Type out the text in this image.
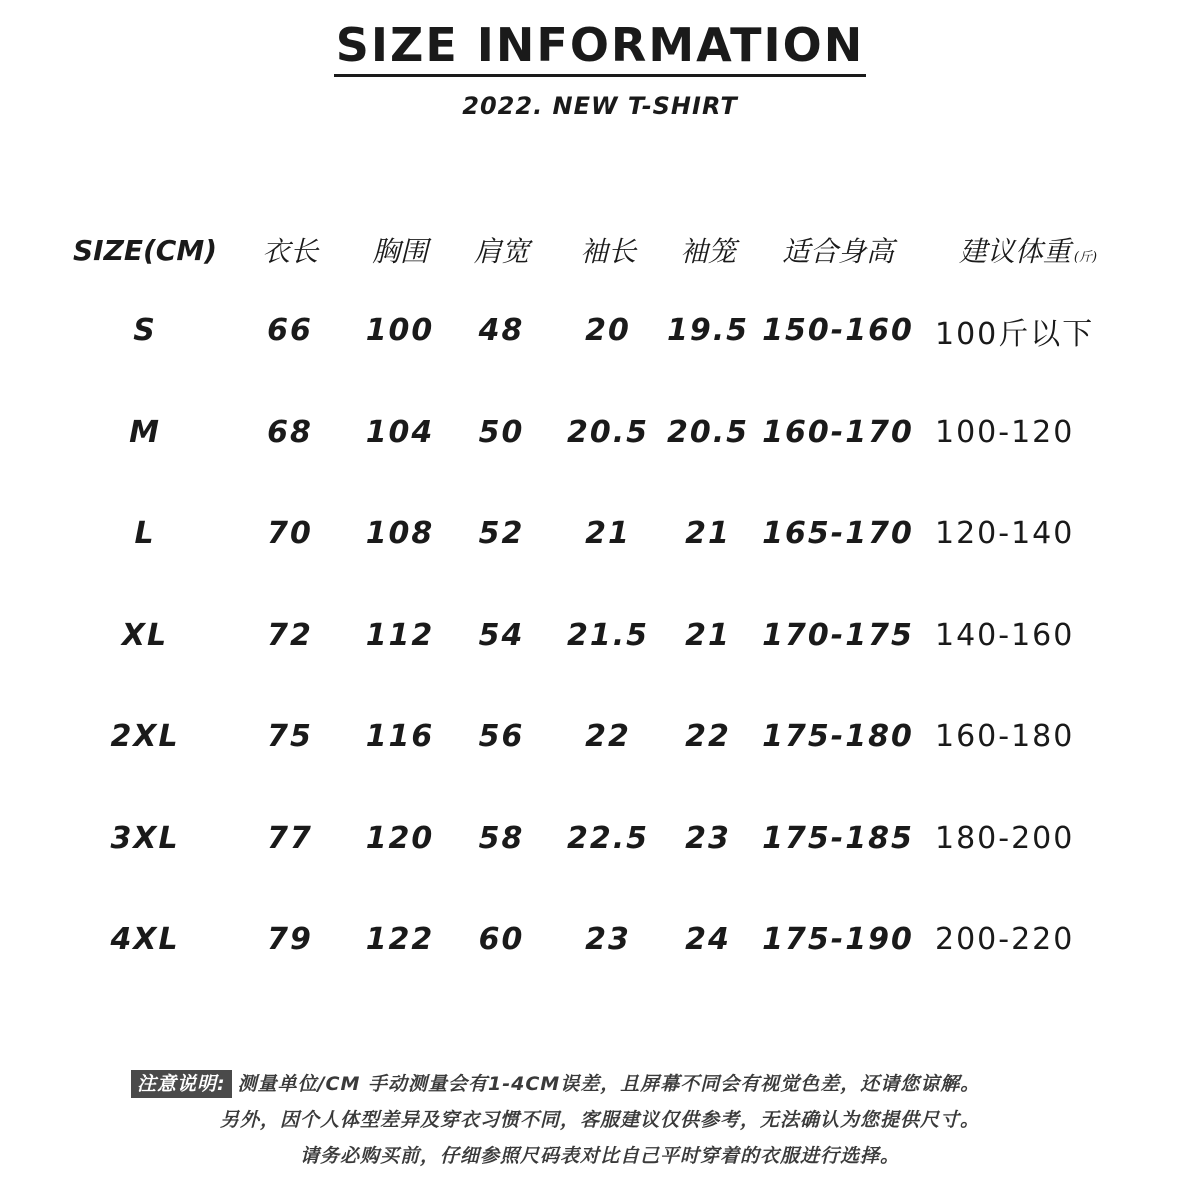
SIZE INFORMATION
2022. NEW T-SHIRT
SIZE(CM)	衣长	胸围	肩宽	袖长	袖笼	适合身高	建议体重 (斤)
S	66	100	48	20	19.5	150-160	100斤以下
M	68	104	50	20.5	20.5	160-170	100-120
L	70	108	52	21	21	165-170	120-140
XL	72	112	54	21.5	21	170-175	140-160
2XL	75	116	56	22	22	175-180	160-180
3XL	77	120	58	22.5	23	175-185	180-200
4XL	79	122	60	23	24	175-190	200-220
注意说明: 测量单位/CM 手动测量会有1-4CM误差，且屏幕不同会有视觉色差，还请您谅解。
另外，因个人体型差异及穿衣习惯不同，客服建议仅供参考，无法确认为您提供尺寸。
请务必购买前，仔细参照尺码表对比自己平时穿着的衣服进行选择。
